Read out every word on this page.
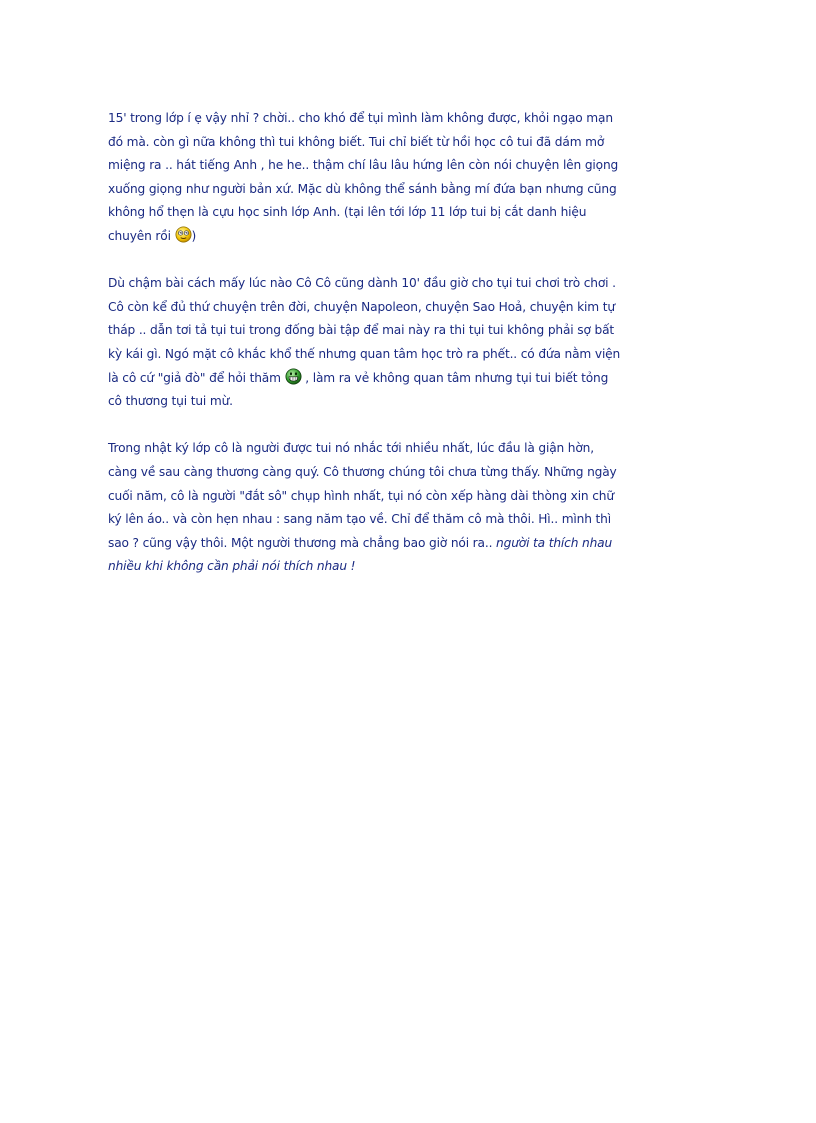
15' trong lớp í ẹ vậy nhỉ ? chời.. cho khó để tụi mình làm không được, khỏi ngạo mạn
đó mà. còn gì nữa không thì tui không biết. Tui chỉ biết từ hồi học cô tui đã dám mở
miệng ra .. hát tiếng Anh , he he.. thậm chí lâu lâu hứng lên còn nói chuyện lên giọng
xuống giọng như người bản xứ. Mặc dù không thể sánh bằng mí đứa bạn nhưng cũng
không hổ thẹn là cựu học sinh lớp Anh. (tại lên tới lớp 11 lớp tui bị cắt danh hiệu
chuyên rồi
)

Dù chậm bài cách mấy lúc nào Cô Cô cũng dành 10' đầu giờ cho tụi tui chơi trò chơi .
Cô còn kể đủ thứ chuyện trên đời, chuyện Napoleon, chuyện Sao Hoả, chuyện kim tự
tháp .. dẫn tơi tả tụi tui trong đống bài tập để mai này ra thi tụi tui không phải sợ bất
kỳ kái gì. Ngó mặt cô khắc khổ thế nhưng quan tâm học trò ra phết.. có đứa nằm viện
là cô cứ "giả đò" để hỏi thăm
, làm ra vẻ không quan tâm nhưng tụi tui biết tỏng
cô thương tụi tui mừ.

Trong nhật ký lớp cô là người được tui nó nhắc tới nhiều nhất, lúc đầu là giận hờn,
càng về sau càng thương càng quý. Cô thương chúng tôi chưa từng thấy. Những ngày
cuối năm, cô là người "đắt sô" chụp hình nhất, tụi nó còn xếp hàng dài thòng xin chữ
ký lên áo.. và còn hẹn nhau : sang năm tạo về. Chỉ để thăm cô mà thôi. Hì.. mình thì
sao ? cũng vậy thôi. Một người thương mà chẳng bao giờ nói ra.. người ta thích nhau
nhiều khi không cần phải nói thích nhau !
